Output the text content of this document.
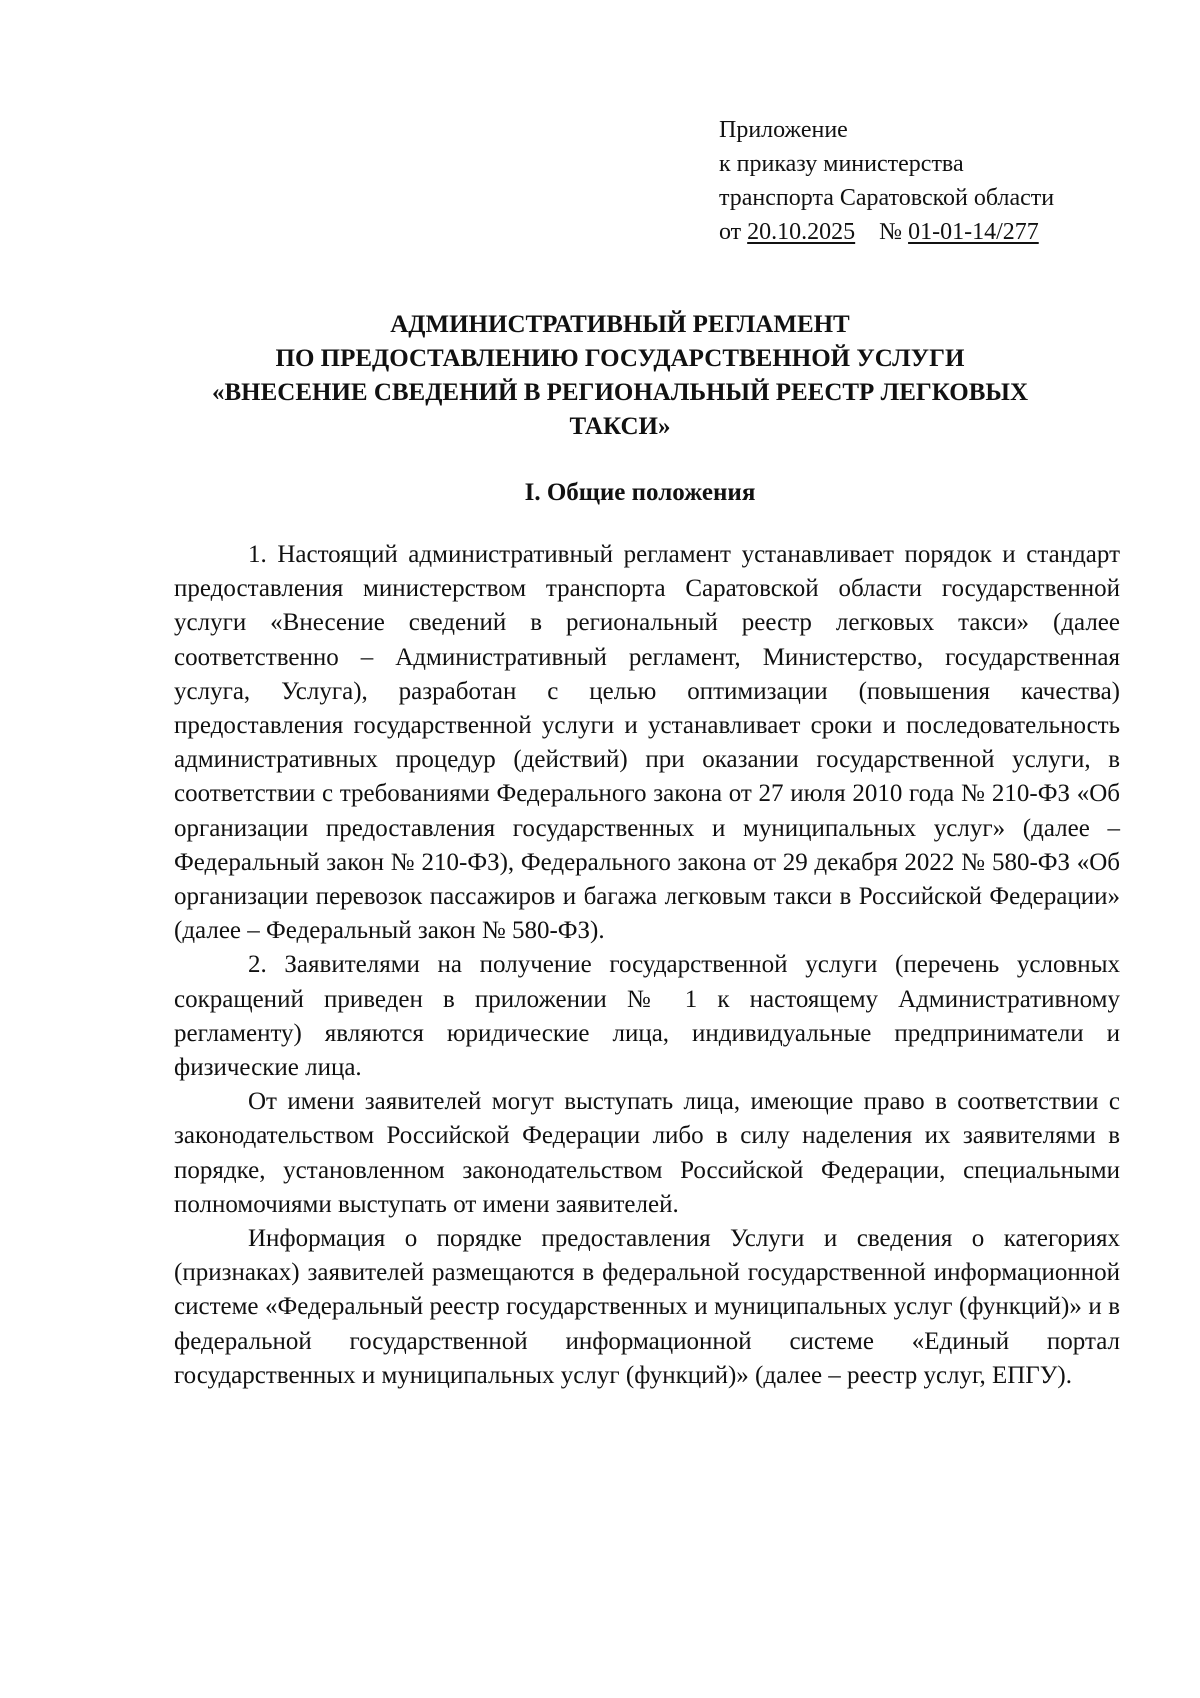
Приложение
к приказу министерства
транспорта Саратовской области
от 20.10.2025 № 01-01-14/277
АДМИНИСТРАТИВНЫЙ РЕГЛАМЕНТ
ПО ПРЕДОСТАВЛЕНИЮ ГОСУДАРСТВЕННОЙ УСЛУГИ
«ВНЕСЕНИЕ СВЕДЕНИЙ В РЕГИОНАЛЬНЫЙ РЕЕСТР ЛЕГКОВЫХ
ТАКСИ»
I. Общие положения

1. Настоящий административный регламент устанавливает порядок и стандарт предоставления министерством транспорта Саратовской области государственной услуги «Внесение сведений в региональный реестр легковых такси» (далее соответственно – Административный регламент, Министерство, государственная услуга, Услуга), разработан с целью оптимизации (повышения качества) предоставления государственной услуги и устанавливает сроки и последовательность административных процедур (действий) при оказании государственной услуги, в соответствии с требованиями Федерального закона от 27 июля 2010 года № 210-ФЗ «Об организации предоставления государственных и муниципальных услуг» (далее – Федеральный закон № 210-ФЗ), Федерального закона от 29 декабря 2022 № 580-ФЗ «Об организации перевозок пассажиров и багажа легковым такси в Российской Федерации» (далее – Федеральный закон № 580-ФЗ).

2. Заявителями на получение государственной услуги (перечень условных сокращений приведен в приложении № 1 к настоящему Административному регламенту) являются юридические лица, индивидуальные предприниматели и физические лица.

От имени заявителей могут выступать лица, имеющие право в соответствии с законодательством Российской Федерации либо в силу наделения их заявителями в порядке, установленном законодательством Российской Федерации, специальными полномочиями выступать от имени заявителей.

Информация о порядке предоставления Услуги и сведения о категориях (признаках) заявителей размещаются в федеральной государственной информационной системе «Федеральный реестр государственных и муниципальных услуг (функций)» и в федеральной государственной информационной системе «Единый портал государственных и муниципальных услуг (функций)» (далее – реестр услуг, ЕПГУ).
